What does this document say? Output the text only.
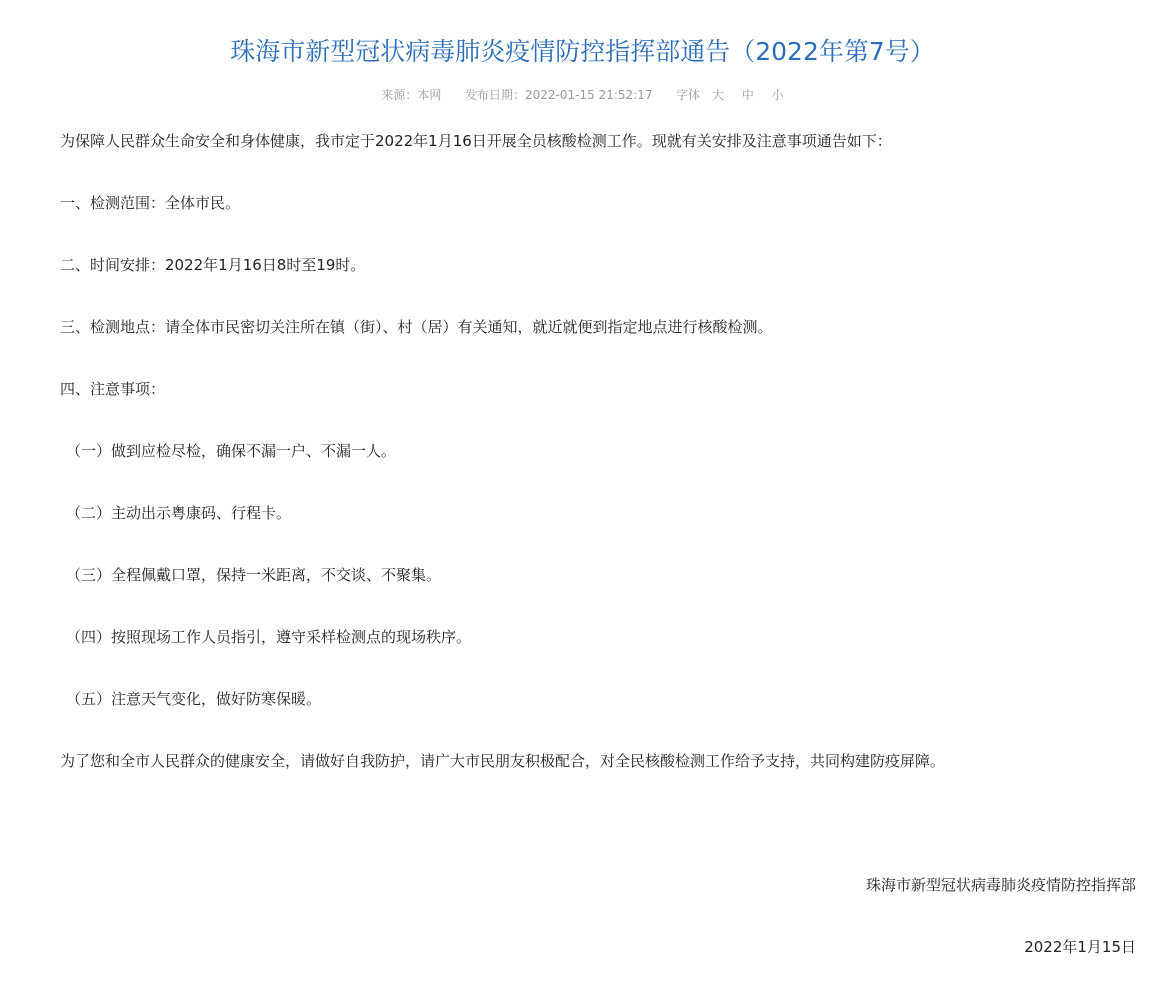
珠海市新型冠状病毒肺炎疫情防控指挥部通告（2022年第7号）
来源：本网 发布日期：2022-01-15 21:52:17 字体 大 中 小

为保障人民群众生命安全和身体健康，我市定于2022年1月16日开展全员核酸检测工作。现就有关安排及注意事项通告如下：

一、检测范围：全体市民。

二、时间安排：2022年1月16日8时至19时。

三、检测地点：请全体市民密切关注所在镇（街）、村（居）有关通知，就近就便到指定地点进行核酸检测。

四、注意事项：

（一）做到应检尽检，确保不漏一户、不漏一人。

（二）主动出示粤康码、行程卡。

（三）全程佩戴口罩，保持一米距离，不交谈、不聚集。

（四）按照现场工作人员指引，遵守采样检测点的现场秩序。

（五）注意天气变化，做好防寒保暖。

为了您和全市人民群众的健康安全，请做好自我防护，请广大市民朋友积极配合，对全民核酸检测工作给予支持，共同构建防疫屏障。

珠海市新型冠状病毒肺炎疫情防控指挥部
2022年1月15日
